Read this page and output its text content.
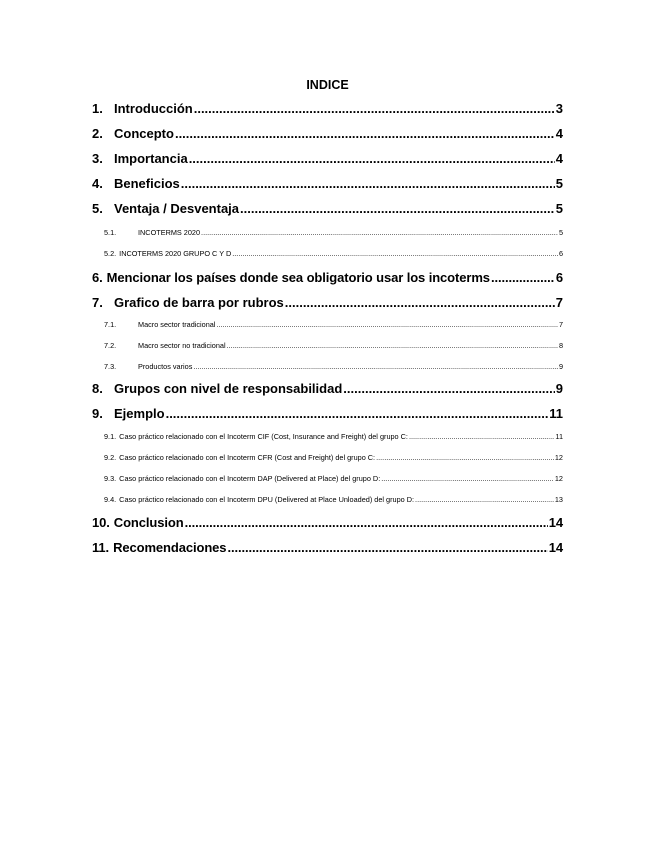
INDICE
1. Introducción .....	3
2. Concepto .....	4
3. Importancia .....	4
4. Beneficios .....	5
5. Ventaja / Desventaja .....	5
5.1.	INCOTERMS 2020 .....	5
5.2. INCOTERMS 2020 GRUPO C Y D .....	6
6. Mencionar los países donde sea obligatorio usar los incoterms .....	6
7. Grafico de barra por rubros .....	7
7.1.	Macro sector tradicional .....	7
7.2.	Macro sector no tradicional .....	8
7.3.	Productos varios .....	9
8. Grupos con nivel de responsabilidad .....	9
9. Ejemplo .....	11
9.1. Caso práctico relacionado con el Incoterm CIF (Cost, Insurance and Freight) del grupo C: .....	11
9.2. Caso práctico relacionado con el Incoterm CFR (Cost and Freight) del grupo C: .....	12
9.3. Caso práctico relacionado con el Incoterm DAP (Delivered at Place) del grupo D: .....	12
9.4. Caso práctico relacionado con el Incoterm DPU (Delivered at Place Unloaded) del grupo D: .....	13
10. Conclusion .....	14
11. Recomendaciones .....	14
